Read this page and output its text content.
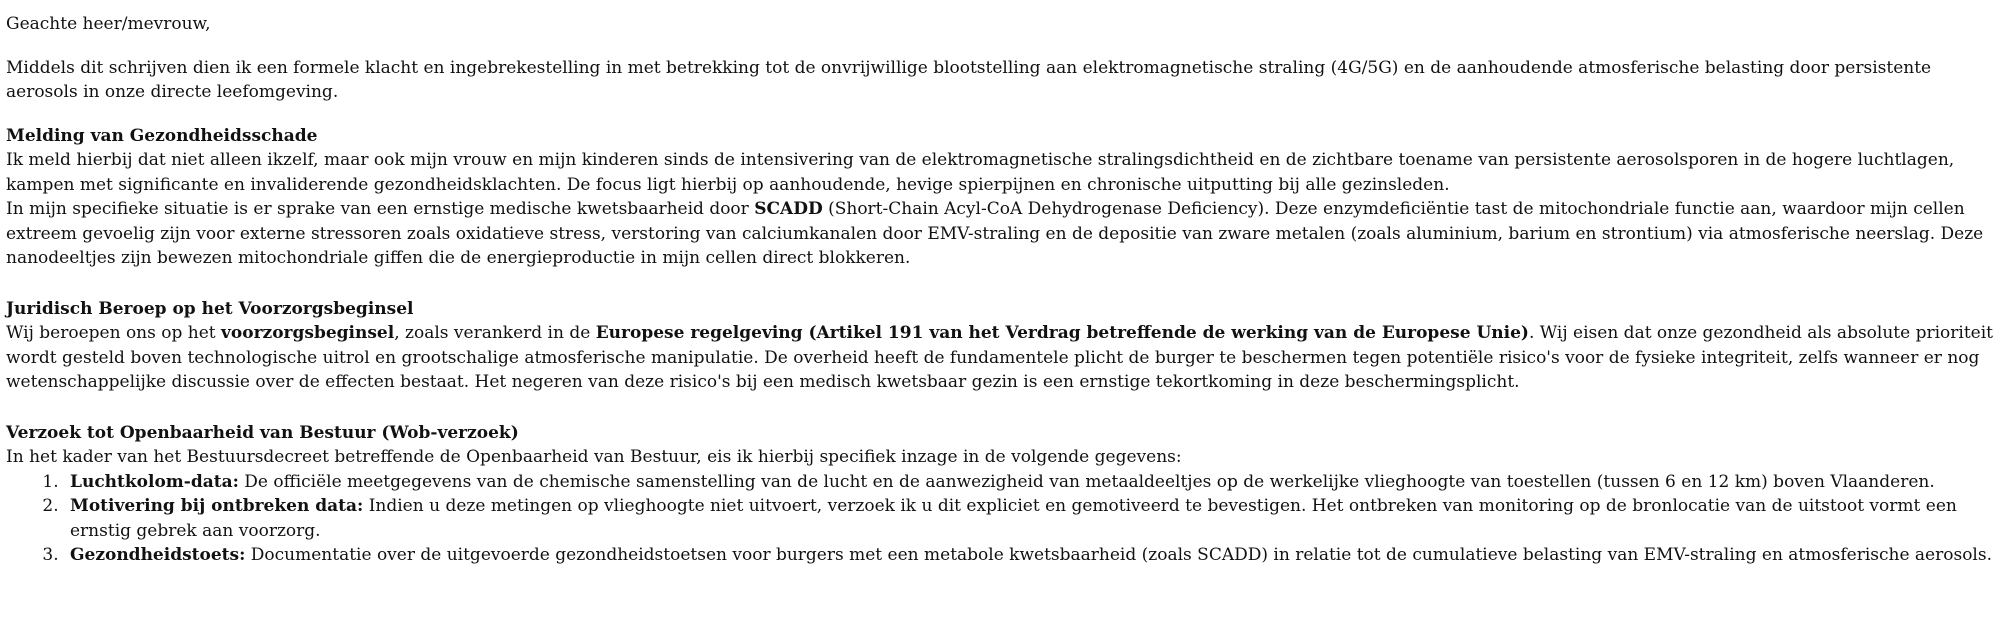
Geachte heer/mevrouw,

Middels dit schrijven dien ik een formele klacht en ingebrekestelling in met betrekking tot de onvrijwillige blootstelling aan elektromagnetische straling (4G/5G) en de aanhoudende atmosferische belasting door persistente aerosols in onze directe leefomgeving.

Melding van Gezondheidsschade

Ik meld hierbij dat niet alleen ikzelf, maar ook mijn vrouw en mijn kinderen sinds de intensivering van de elektromagnetische stralingsdichtheid en de zichtbare toename van persistente aerosolsporen in de hogere luchtlagen, kampen met significante en invaliderende gezondheidsklachten. De focus ligt hierbij op aanhoudende, hevige spierpijnen en chronische uitputting bij alle gezinsleden.

In mijn specifieke situatie is er sprake van een ernstige medische kwetsbaarheid door SCADD (Short-Chain Acyl-CoA Dehydrogenase Deficiency). Deze enzymdeficiëntie tast de mitochondriale functie aan, waardoor mijn cellen extreem gevoelig zijn voor externe stressoren zoals oxidatieve stress, verstoring van calciumkanalen door EMV-straling en de depositie van zware metalen (zoals aluminium, barium en strontium) via atmosferische neerslag. Deze nanodeeltjes zijn bewezen mitochondriale giffen die de energieproductie in mijn cellen direct blokkeren.

Juridisch Beroep op het Voorzorgsbeginsel

Wij beroepen ons op het voorzorgsbeginsel, zoals verankerd in de Europese regelgeving (Artikel 191 van het Verdrag betreffende de werking van de Europese Unie). Wij eisen dat onze gezondheid als absolute prioriteit wordt gesteld boven technologische uitrol en grootschalige atmosferische manipulatie. De overheid heeft de fundamentele plicht de burger te beschermen tegen potentiële risico's voor de fysieke integriteit, zelfs wanneer er nog wetenschappelijke discussie over de effecten bestaat. Het negeren van deze risico's bij een medisch kwetsbaar gezin is een ernstige tekortkoming in deze beschermingsplicht.

Verzoek tot Openbaarheid van Bestuur (Wob-verzoek)

In het kader van het Bestuursdecreet betreffende de Openbaarheid van Bestuur, eis ik hierbij specifiek inzage in de volgende gegevens:

1. Luchtkolom-data: De officiële meetgegevens van de chemische samenstelling van de lucht en de aanwezigheid van metaaldeeltjes op de werkelijke vlieghoogte van toestellen (tussen 6 en 12 km) boven Vlaanderen.
2. Motivering bij ontbreken data: Indien u deze metingen op vlieghoogte niet uitvoert, verzoek ik u dit expliciet en gemotiveerd te bevestigen. Het ontbreken van monitoring op de bronlocatie van de uitstoot vormt een ernstig gebrek aan voorzorg.
3. Gezondheidstoets: Documentatie over de uitgevoerde gezondheidstoetsen voor burgers met een metabole kwetsbaarheid (zoals SCADD) in relatie tot de cumulatieve belasting van EMV-straling en atmosferische aerosols.
